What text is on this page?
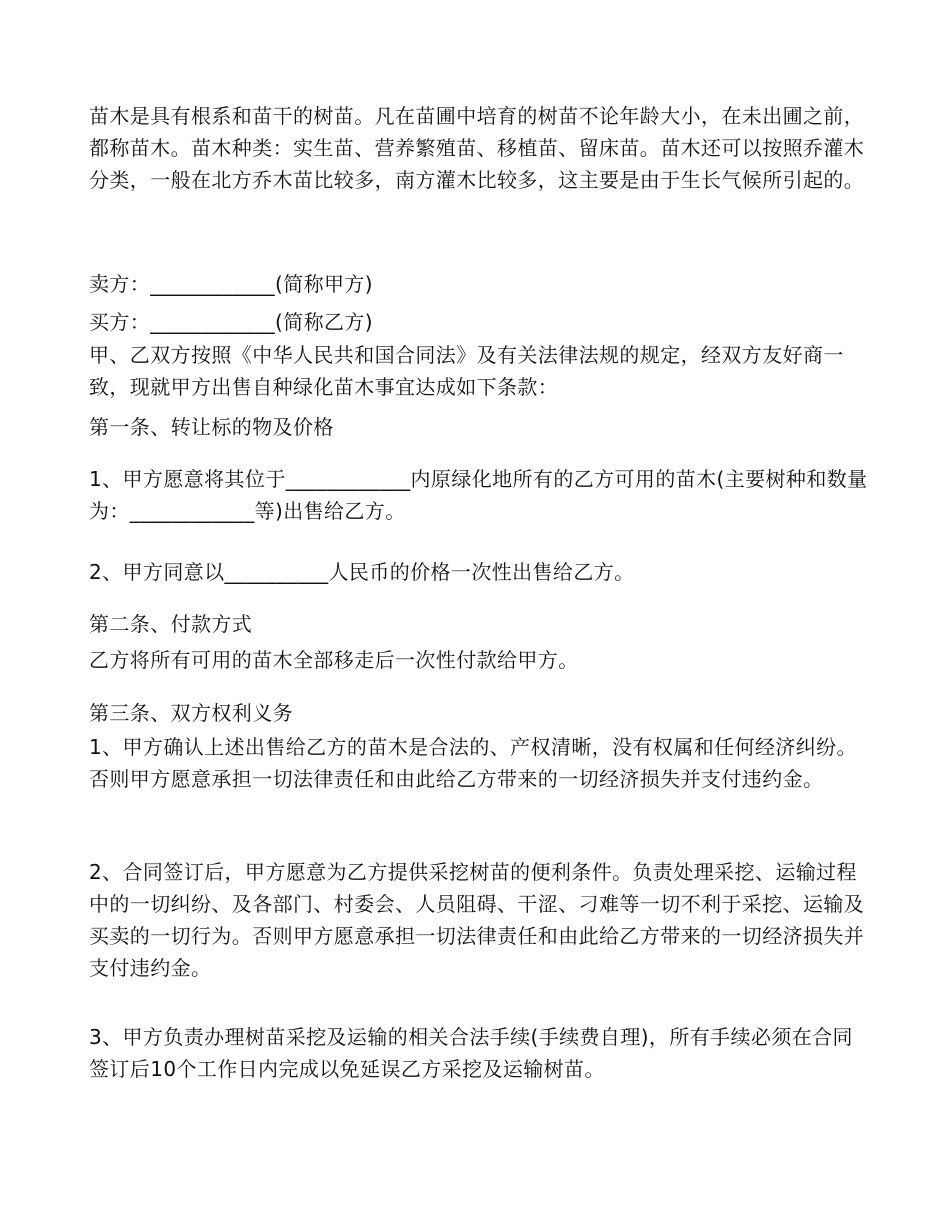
苗木是具有根系和苗干的树苗。凡在苗圃中培育的树苗不论年龄大小，在未出圃之前，都称苗木。苗木种类：实生苗、营养繁殖苗、移植苗、留床苗。苗木还可以按照乔灌木分类，一般在北方乔木苗比较多，南方灌木比较多，这主要是由于生长气候所引起的。
卖方：____________(简称甲方)
买方：____________(简称乙方)
甲、乙双方按照《中华人民共和国合同法》及有关法律法规的规定，经双方友好商一致，现就甲方出售自种绿化苗木事宜达成如下条款：
第一条、转让标的物及价格
1、甲方愿意将其位于____________内原绿化地所有的乙方可用的苗木(主要树种和数量为：____________等)出售给乙方。
2、甲方同意以__________人民币的价格一次性出售给乙方。
第二条、付款方式
乙方将所有可用的苗木全部移走后一次性付款给甲方。
第三条、双方权利义务
1、甲方确认上述出售给乙方的苗木是合法的、产权清晰，没有权属和任何经济纠纷。否则甲方愿意承担一切法律责任和由此给乙方带来的一切经济损失并支付违约金。
2、合同签订后，甲方愿意为乙方提供采挖树苗的便利条件。负责处理采挖、运输过程中的一切纠纷、及各部门、村委会、人员阻碍、干涩、刁难等一切不利于采挖、运输及买卖的一切行为。否则甲方愿意承担一切法律责任和由此给乙方带来的一切经济损失并支付违约金。
3、甲方负责办理树苗采挖及运输的相关合法手续(手续费自理)，所有手续必须在合同签订后10个工作日内完成以免延误乙方采挖及运输树苗。
